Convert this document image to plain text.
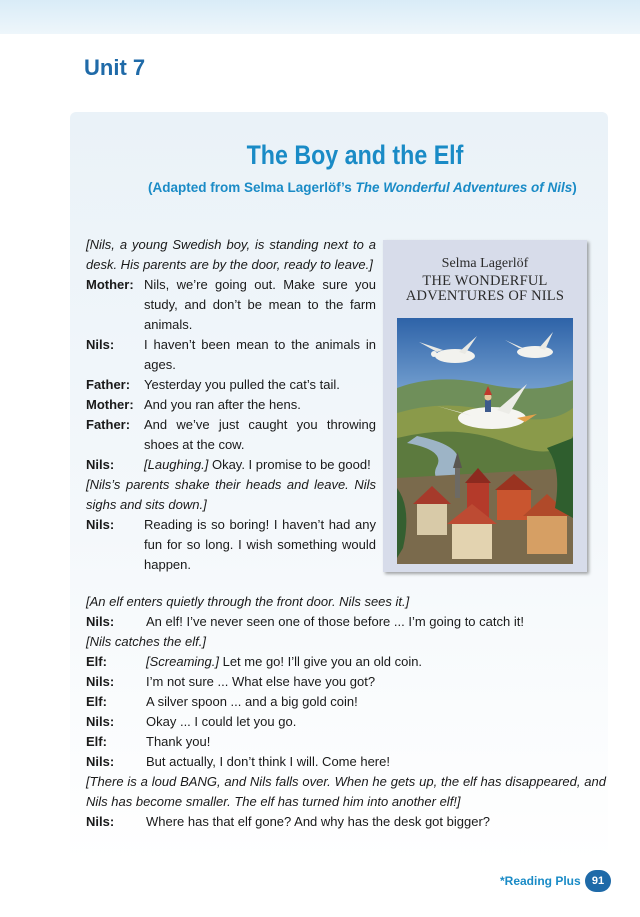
Unit 7
The Boy and the Elf
(Adapted from Selma Lagerlöf’s The Wonderful Adventures of Nils)
[Nils, a young Swedish boy, is standing next to a desk. His parents are by the door, ready to leave.]
Mother: Nils, we’re going out. Make sure you study, and don’t be mean to the farm animals.
Nils: I haven’t been mean to the animals in ages.
Father: Yesterday you pulled the cat’s tail.
Mother: And you ran after the hens.
Father: And we’ve just caught you throwing shoes at the cow.
Nils: [Laughing.] Okay. I promise to be good!
[Nils’s parents shake their heads and leave. Nils sighs and sits down.]
Nils: Reading is so boring! I haven’t had any fun for so long. I wish something would happen.
[An elf enters quietly through the front door. Nils sees it.]
Nils: An elf! I’ve never seen one of those before ... I’m going to catch it!
[Nils catches the elf.]
Elf:	[Screaming.] Let me go! I’ll give you an old coin.
Nils: I’m not sure ... What else have you got?
Elf:	A silver spoon ... and a big gold coin!
Nils: Okay ... I could let you go.
Elf:	Thank you!
Nils: But actually, I don’t think I will. Come here!
[There is a loud BANG, and Nils falls over. When he gets up, the elf has disappeared, and Nils has become smaller. The elf has turned him into another elf!]
Nils: Where has that elf gone? And why has the desk got bigger?
Selma Lagerlöf
THE WONDERFUL
ADVENTURES OF NILS
*Reading Plus	91
